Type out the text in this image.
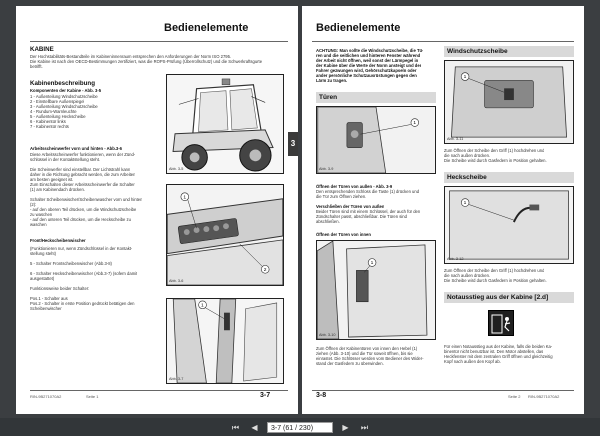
Bedienelemente
KABINE
Der Hochstabilitäts-Bestandteile im Kabineninnenraum entsprechen den Anforderungen der Norm ISO 2795.
Die Kabine ist nach den OECD-Bestimmungen zertifiziert, was die ROPS-Prüfung (Überrollschutz) und die Schwerkraftsgurte
betrifft.
Kabinenbeschreibung
Komponenten der Kabine - Abb. 3-5
1 - Außenteilung Windschutzscheibe
2 - Einstellbare Außenspiegel
3 - Außenteilung Windschutzscheibe
4 - Rundum-Warnleuchte
5 - Außenteilung Heckscheibe
6 - Kabinentür links
7 - Kabinentür rechts
Abb. 3-5
Arbeitsscheinwerfer vorn und hinten - Abb.3-6
Diese Arbeitsscheinwerfer funktionieren, wenn der Zünd-
schlüssel in der Kontaktstellung steht.
Die Scheinwerfer sind einstellbar. Der Lichtstrahl kann
daher in die Richtung gebracht werden, die zum Arbeiten
am besten geeignet ist.
Zum Einschalten dieser Arbeitsscheinwerfer die Schalter
(1) am Kabinendach drücken.
Schalter Scheibenwischer/Scheibenwascher vorn und hinten
(2):
- auf den oberen Teil drücken, um die Windschutzscheibe
zu waschen
- auf den unteren Teil drücken, um die Heckscheibe zu
waschen
1
2
Abb. 3-6
Front/Heckscheibenwischer
(Funktionieren nur, wenn Zündschlüssel in der Kontakt-
stellung steht)
5 - Schalter Frontscheibenwischer (Abb.3-8)
6 - Schalter Heckscheibenwischer (Abb.3-7) (sofern damit
ausgestattet)
Funktionsweise beider Schalter:
Pos.1 - Schalter aus
Pos.2 - Schalter in erste Position gedrückt betätigen den
Scheibenwischer
1
Abb. 3-7
3
RIN-9B271070A2	Seite 1	3-7
Bedienelemente
ACHTUNG: Man sollte die Windschutzscheibe, die Tü-
ren und die seitlichen und hinteren Fenster während
der Arbeit nicht öffnen, weil sonst der Lärmpegel in
der Kabine über die Werte der Norm ansteigt und der
Fahrer gezwungen wird, Gehörschutzkapseln oder
ander persönliche Schutzausrüstungen gegen den
Lärm zu tragen.
Türen
1
Abb. 3-9
Öffnen der Türen von außen - Abb. 3-9
Den entsprechenden Schloss die Taste (1) drücken und
die Tür zum Öffnen ziehen.
Verschließen der Türen von außen
Beider Türen sind mit einem Schlüssel, der auch für den
Zündschalter passt, abschließbar. Die Türen sind
abschließen.
Öffnen der Türen von innen
1
Abb. 3-10
Zum Öffnen der Kabinentüren von innen den Hebel (1)
ziehen (Abb. 3-10) und die Tür soweit öffnen, bis sie
einrastet. Die Schlösser werden vom Bediener des Wider-
stand der Gasfedern zu überwinden.
Windschutzscheibe
1
Abb. 3-11
Zum Öffnen der Scheibe den Griff (1) hochdrehen und
die nach außen drücken.
Die Scheibe wird durch Gasfedern in Position gehalten.
Heckscheibe
1
Abb. 3-12
Zum Öffnen der Scheibe den Griff (1) hochdrehen und
die nach außen drücken.
Die Scheibe wird durch Gasfedern in Position gehalten.
Notausstieg aus der Kabine [2.d]
Für einen Notausstieg aus der Kabine, falls die beiden Ka-
binentür nicht benutzbar ist. Den Motor abstellen, das
Heckfenster mit dem zentralen Griff öffnen und gleichzeitig
Kopf nach außen den Kopf ab.
3-8	Seite 2 RIN-9B271070A2
⏮	◀	3-7 (61 / 230)	▶	⏭
